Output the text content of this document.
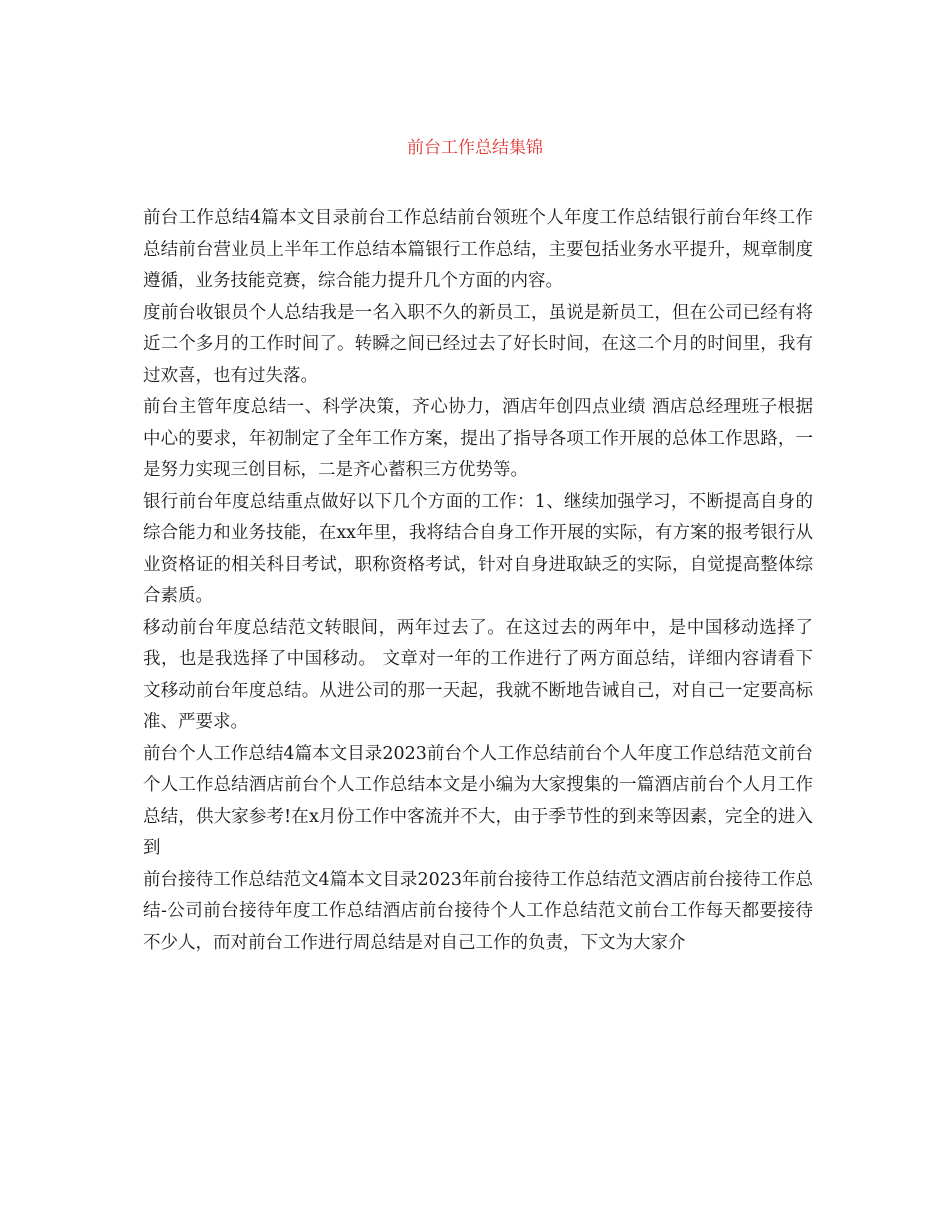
前台工作总结集锦

前台工作总结4篇本文目录前台工作总结前台领班个人年度工作总结银行前台年终工作总结前台营业员上半年工作总结本篇银行工作总结，主要包括业务水平提升，规章制度遵循，业务技能竞赛，综合能力提升几个方面的内容。

度前台收银员个人总结我是一名入职不久的新员工，虽说是新员工，但在公司已经有将近二个多月的工作时间了。转瞬之间已经过去了好长时间，在这二个月的时间里，我有过欢喜，也有过失落。

前台主管年度总结一、科学决策，齐心协力，酒店年创四点业绩 酒店总经理班子根据中心的要求，年初制定了全年工作方案，提出了指导各项工作开展的总体工作思路，一是努力实现三创目标，二是齐心蓄积三方优势等。

银行前台年度总结重点做好以下几个方面的工作：1、继续加强学习，不断提高自身的综合能力和业务技能，在xx年里，我将结合自身工作开展的实际，有方案的报考银行从业资格证的相关科目考试，职称资格考试，针对自身进取缺乏的实际，自觉提高整体综合素质。

移动前台年度总结范文转眼间，两年过去了。在这过去的两年中，是中国移动选择了我，也是我选择了中国移动。 文章对一年的工作进行了两方面总结，详细内容请看下文移动前台年度总结。从进公司的那一天起，我就不断地告诫自己，对自己一定要高标准、严要求。

前台个人工作总结4篇本文目录2023前台个人工作总结前台个人年度工作总结范文前台个人工作总结酒店前台个人工作总结本文是小编为大家搜集的一篇酒店前台个人月工作总结，供大家参考!在x月份工作中客流并不大，由于季节性的到来等因素，完全的进入到

前台接待工作总结范文4篇本文目录2023年前台接待工作总结范文酒店前台接待工作总结-公司前台接待年度工作总结酒店前台接待个人工作总结范文前台工作每天都要接待不少人，而对前台工作进行周总结是对自己工作的负责，下文为大家介
